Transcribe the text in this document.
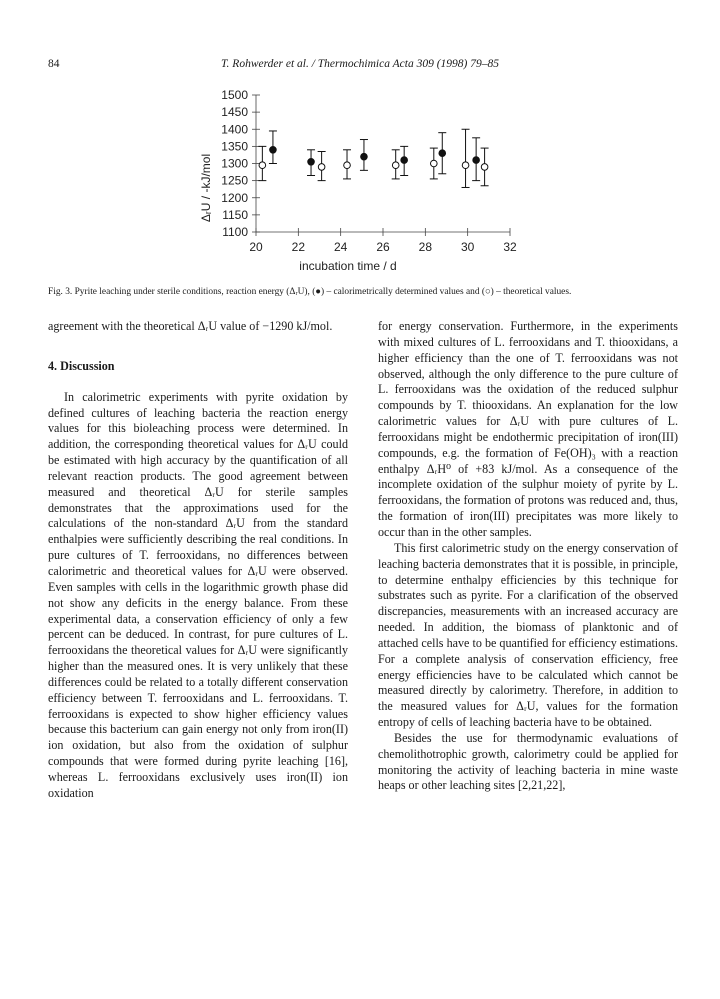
84	T. Rohwerder et al. / Thermochimica Acta 309 (1998) 79–85
1500
1450
1400
1350
1300
1250
1200
1150
1100
20 22 24 26 28 30 32
ΔᵣU / -kJ/mol
incubation time / d
Fig. 3. Pyrite leaching under sterile conditions, reaction energy (ΔᵣU), (●) – calorimetrically determined values and (○) – theoretical values.

agreement with the theoretical ΔᵣU value of −1290 kJ/mol.

4. Discussion

In calorimetric experiments with pyrite oxidation by defined cultures of leaching bacteria the reaction energy values for this bioleaching process were determined. In addition, the corresponding theoretical values for ΔᵣU could be estimated with high accuracy by the quantification of all relevant reaction products. The good agreement between measured and theoretical ΔᵣU for sterile samples demonstrates that the approximations used for the calculations of the non-standard ΔᵣU from the standard enthalpies were sufficiently describing the real conditions. In pure cultures of T. ferrooxidans, no differences between calorimetric and theoretical values for ΔᵣU were observed. Even samples with cells in the logarithmic growth phase did not show any deficits in the energy balance. From these experimental data, a conservation efficiency of only a few percent can be deduced. In contrast, for pure cultures of L. ferrooxidans the theoretical values for ΔᵣU were significantly higher than the measured ones. It is very unlikely that these differences could be related to a totally different conservation efficiency between T. ferrooxidans and L. ferrooxidans. T. ferrooxidans is expected to show higher efficiency values because this bacterium can gain energy not only from iron(II) ion oxidation, but also from the oxidation of sulphur compounds that were formed during pyrite leaching [16], whereas L. ferrooxidans exclusively uses iron(II) ion oxidation

for energy conservation. Furthermore, in the experiments with mixed cultures of L. ferrooxidans and T. thiooxidans, a higher efficiency than the one of T. ferrooxidans was not observed, although the only difference to the pure culture of L. ferrooxidans was the oxidation of the reduced sulphur compounds by T. thiooxidans. An explanation for the low calorimetric values for ΔᵣU with pure cultures of L. ferrooxidans might be endothermic precipitation of iron(III) compounds, e.g. the formation of Fe(OH)₃ with a reaction enthalpy ΔᵣH⁰ of +83 kJ/mol. As a consequence of the incomplete oxidation of the sulphur moiety of pyrite by L. ferrooxidans, the formation of protons was reduced and, thus, the formation of iron(III) precipitates was more likely to occur than in the other samples.

This first calorimetric study on the energy conservation of leaching bacteria demonstrates that it is possible, in principle, to determine enthalpy efficiencies by this technique for substrates such as pyrite. For a clarification of the observed discrepancies, measurements with an increased accuracy are needed. In addition, the biomass of planktonic and of attached cells have to be quantified for efficiency estimations. For a complete analysis of conservation efficiency, free energy efficiencies have to be calculated which cannot be measured directly by calorimetry. Therefore, in addition to the measured values for ΔᵣU, values for the formation entropy of cells of leaching bacteria have to be obtained.

Besides the use for thermodynamic evaluations of chemolithotrophic growth, calorimetry could be applied for monitoring the activity of leaching bacteria in mine waste heaps or other leaching sites [2,21,22],
